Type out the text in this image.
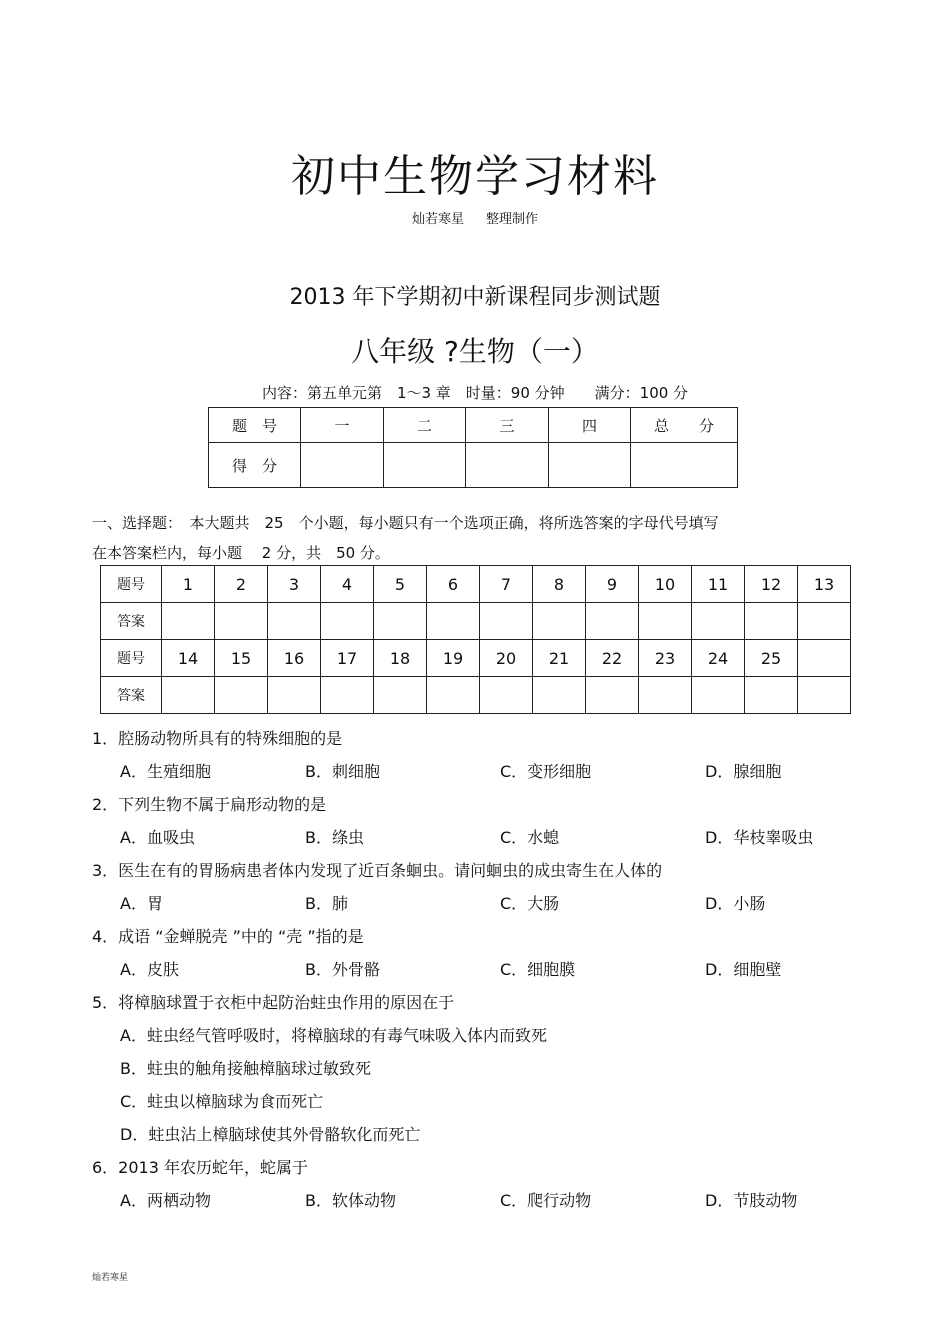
初中生物学习材料
灿若寒星 整理制作
2013 年下学期初中新课程同步测试题
八年级 ?生物（一）
内容：第五单元第　1～3 章　时量：90 分钟　　满分：100 分
题　号	一	二	三	四	总　　分
得　分					
一、选择题：　本大题共　25　个小题，每小题只有一个选项正确，将所选答案的字母代号填写
在本答案栏内，每小题　 2 分，共　50 分。
题号	1	2	3	4	5	6	7	8	9	10	11	12	13
答案													
题号	14	15	16	17	18	19	20	21	22	23	24	25	
答案													
1．腔肠动物所具有的特殊细胞的是
A．生殖细胞	B．刺细胞	C．变形细胞	D．腺细胞
2．下列生物不属于扁形动物的是
A．血吸虫	B．绦虫	C．水螅	D．华枝睾吸虫
3．医生在有的胃肠病患者体内发现了近百条蛔虫。请问蛔虫的成虫寄生在人体的
A．胃	B．肺	C．大肠	D．小肠
4．成语 “金蝉脱壳 ”中的 “壳 ”指的是
A．皮肤	B．外骨骼	C．细胞膜	D．细胞壁
5．将樟脑球置于衣柜中起防治蛀虫作用的原因在于
A．蛀虫经气管呼吸时，将樟脑球的有毒气味吸入体内而致死
B．蛀虫的触角接触樟脑球过敏致死
C．蛀虫以樟脑球为食而死亡
D．蛀虫沾上樟脑球使其外骨骼软化而死亡
6．2013 年农历蛇年，蛇属于
A．两栖动物	B．软体动物	C．爬行动物	D．节肢动物
灿若寒星
